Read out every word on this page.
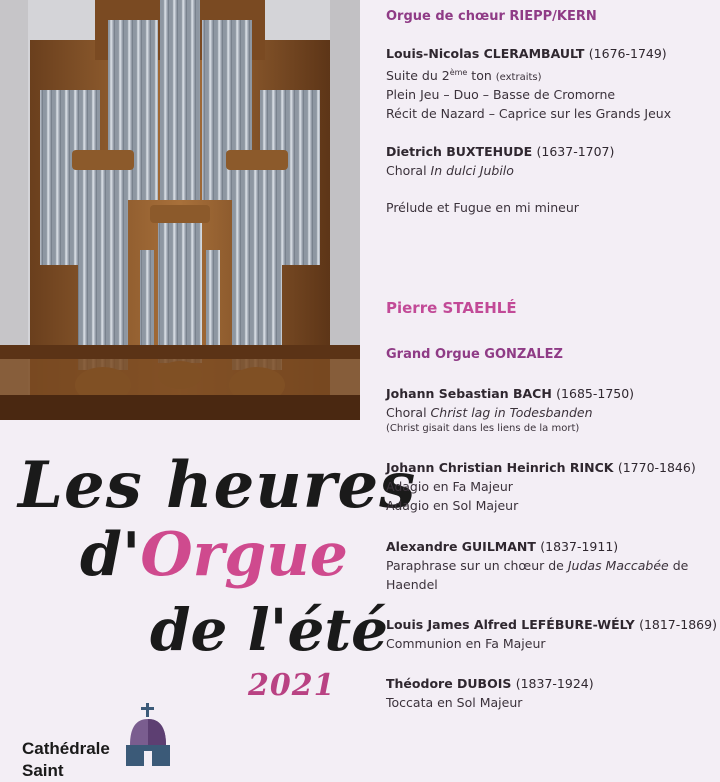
Les heures

d'Orgue

de l'été

2021

Cathédrale
Saint

Orgue de chœur RIEPP/KERN

Louis-Nicolas CLERAMBAULT (1676-1749)
Suite du 2ème ton (extraits)
Plein Jeu – Duo – Basse de Cromorne
Récit de Nazard – Caprice sur les Grands Jeux
Dietrich BUXTEHUDE (1637-1707)
Choral In dulci Jubilo
Prélude et Fugue en mi mineur

Pierre STAEHLÉ

Grand Orgue GONZALEZ

Johann Sebastian BACH (1685-1750)
Choral Christ lag in Todesbanden
(Christ gisait dans les liens de la mort)
Johann Christian Heinrich RINCK (1770-1846)
Adagio en Fa Majeur
Adagio en Sol Majeur
Alexandre GUILMANT (1837-1911)
Paraphrase sur un chœur de Judas Maccabée de
Haendel
Louis James Alfred LEFÉBURE-WÉLY (1817-1869)
Communion en Fa Majeur
Théodore DUBOIS (1837-1924)
Toccata en Sol Majeur
